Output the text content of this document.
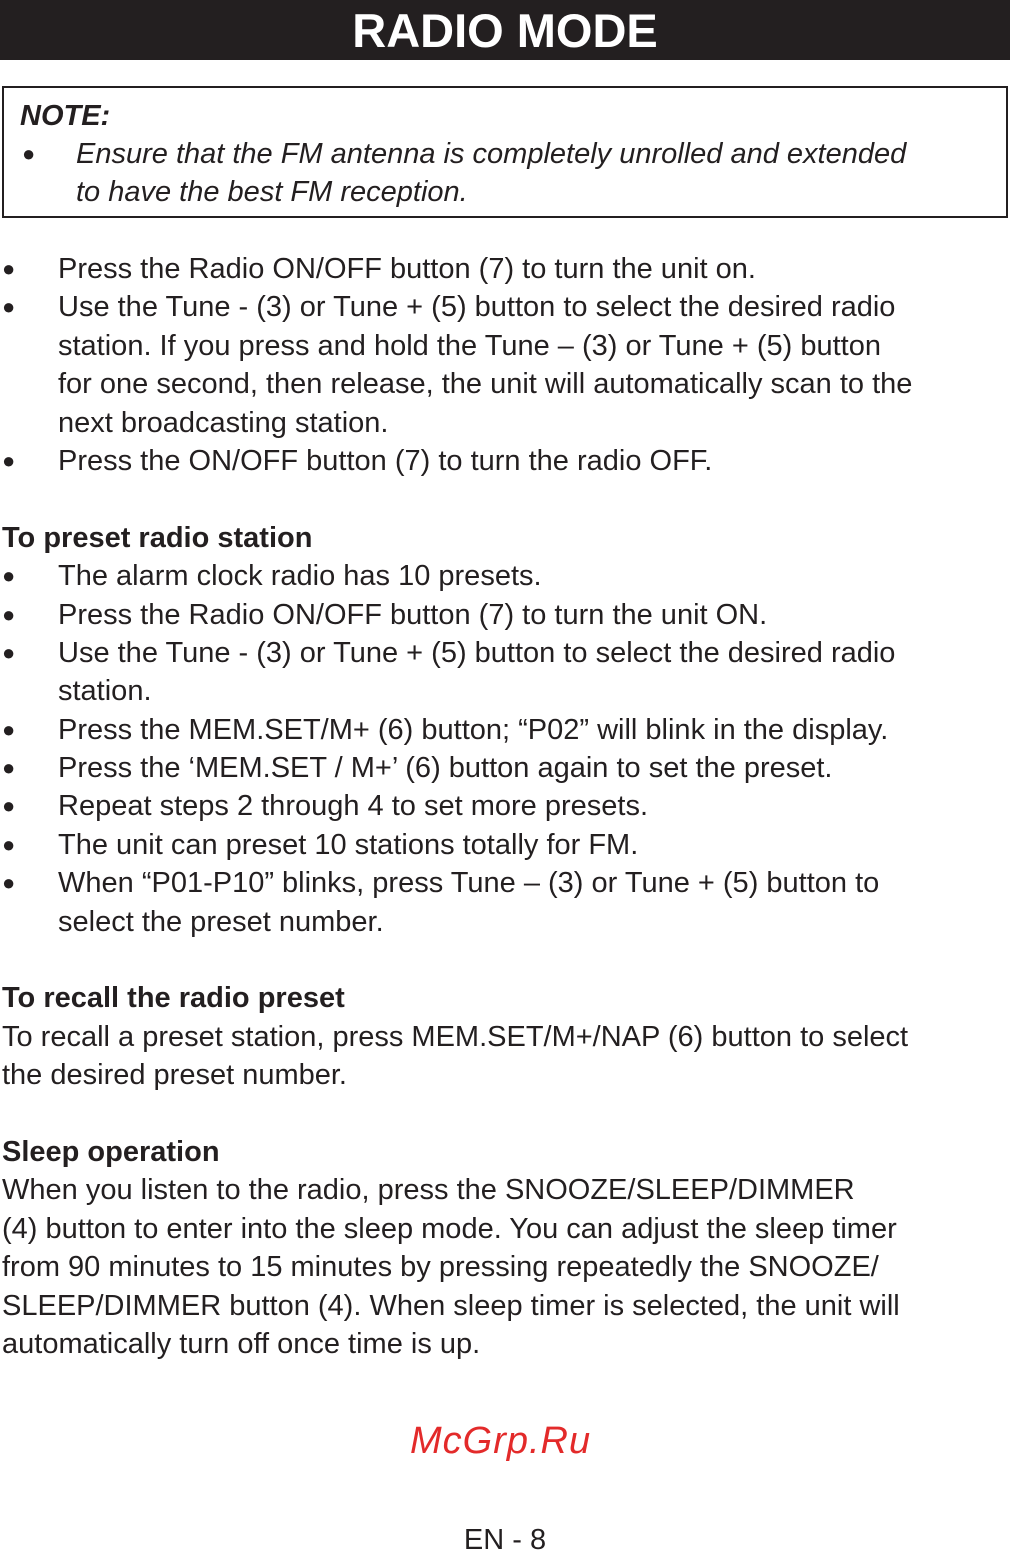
RADIO MODE
NOTE:
● Ensure that the FM antenna is completely unrolled and extended
to have the best FM reception.
● Press the Radio ON/OFF button (7) to turn the unit on.
● Use the Tune - (3) or Tune + (5) button to select the desired radio
station. If you press and hold the Tune – (3) or Tune + (5) button
for one second, then release, the unit will automatically scan to the
next broadcasting station.
● Press the ON/OFF button (7) to turn the radio OFF.
To preset radio station
● The alarm clock radio has 10 presets.
● Press the Radio ON/OFF button (7) to turn the unit ON.
● Use the Tune - (3) or Tune + (5) button to select the desired radio
station.
● Press the MEM.SET/M+ (6) button; “P02” will blink in the display.
● Press the ‘MEM.SET / M+’ (6) button again to set the preset.
● Repeat steps 2 through 4 to set more presets.
● The unit can preset 10 stations totally for FM.
● When “P01-P10” blinks, press Tune – (3) or Tune + (5) button to
select the preset number.
To recall the radio preset
To recall a preset station, press MEM.SET/M+/NAP (6) button to select
the desired preset number.
Sleep operation
When you listen to the radio, press the SNOOZE/SLEEP/DIMMER
(4) button to enter into the sleep mode. You can adjust the sleep timer
from 90 minutes to 15 minutes by pressing repeatedly the SNOOZE/
SLEEP/DIMMER button (4). When sleep timer is selected, the unit will
automatically turn off once time is up.
McGrp.Ru
EN - 8
